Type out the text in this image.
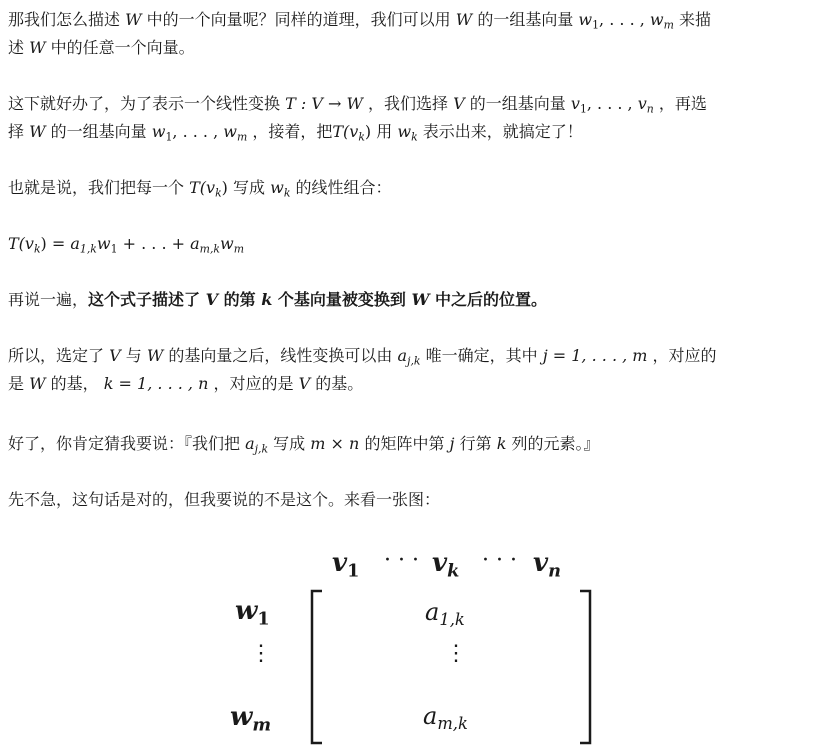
那我们怎么描述 W 中的一个向量呢？同样的道理，我们可以用 W 的一组基向量 $w_1$, . . . , $w_m$ 来描
述 W 中的任意一个向量。
这下就好办了，为了表示一个线性变换 T : V → W ，我们选择 V 的一组基向量 $v_1$, . . . , $v_n$ ，再选
择 W 的一组基向量 $w_1$, . . . , $w_m$ ，接着，把$T(v_k)$ 用 $w_k$ 表示出来，就搞定了！
也就是说，我们把每一个 $T(v_k)$ 写成 $w_k$ 的线性组合：
$T(v_k) = a_{1,k}w_1$ + . . . + $a_{m,k}w_m$
再说一遍，这个式子描述了 V 的第 k 个基向量被变换到 W 中之后的位置。
所以，选定了 V 与 W 的基向量之后，线性变换可以由 $a_{j,k}$ 唯一确定，其中 j = 1, . . . , m ，对应的
是 W 的基， k = 1, . . . , n ，对应的是 V 的基。
好了，你肯定猜我要说：『我们把 $a_{j,k}$ 写成 m × n 的矩阵中第 j 行第 k 列的元素。』
先不急，这句话是对的，但我要说的不是这个。来看一张图：
$v_1$ · · · $v_k$ · · · $v_n$
$w_1$
⋮
$w_m$
$a_{1,k}$
⋮
$a_{m,k}$
